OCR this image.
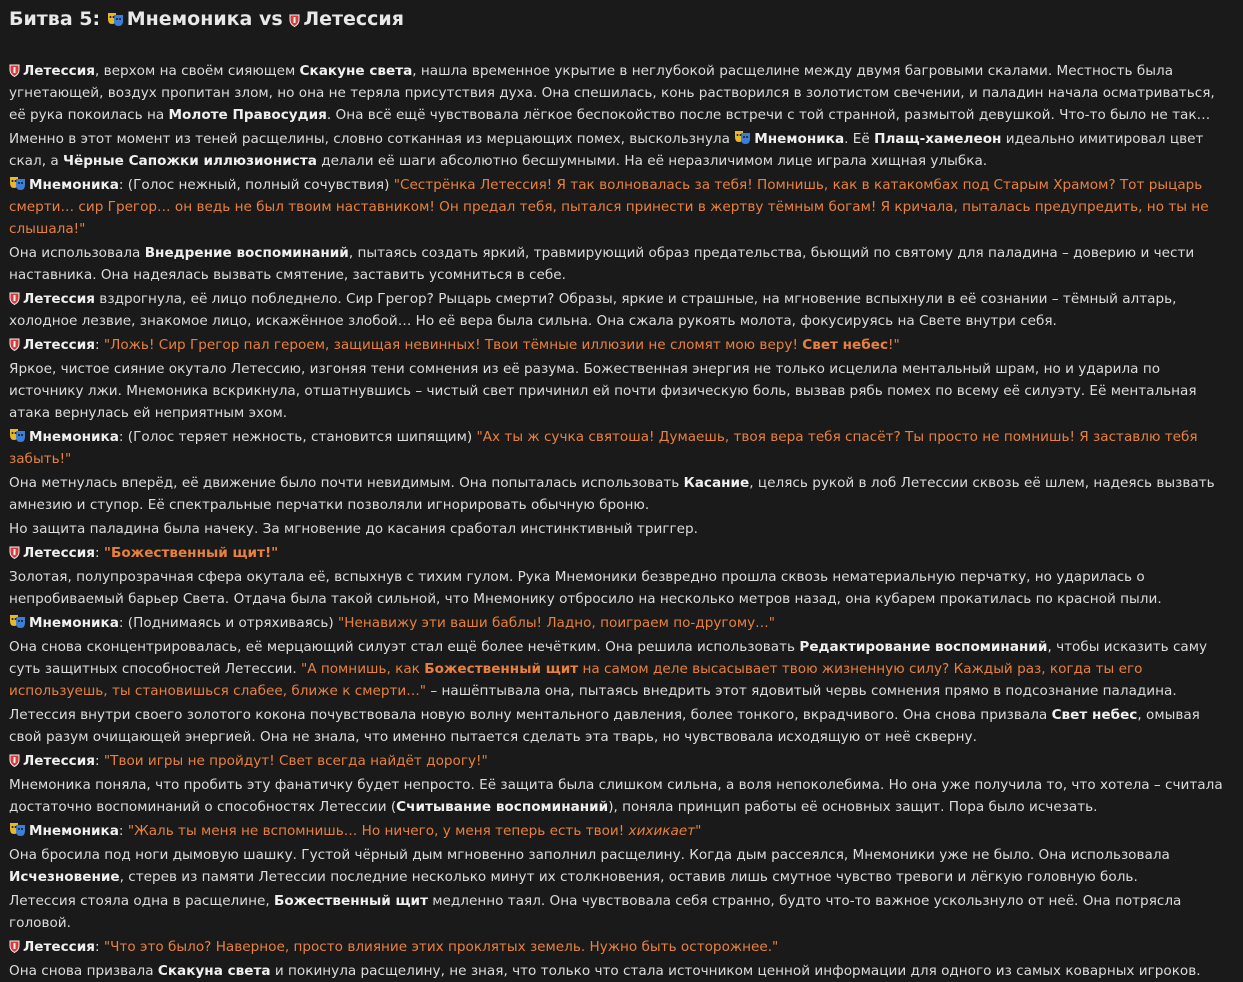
Битва 5: Мнемоника vs Летессия

Летессия, верхом на своём сияющем Скакуне света, нашла временное укрытие в неглубокой расщелине между двумя багровыми скалами. Местность была угнетающей, воздух пропитан злом, но она не теряла присутствия духа. Она спешилась, конь растворился в золотистом свечении, и паладин начала осматриваться, её рука покоилась на Молоте Правосудия. Она всё ещё чувствовала лёгкое беспокойство после встречи с той странной, размытой девушкой. Что-то было не так…

Именно в этот момент из теней расщелины, словно сотканная из мерцающих помех, выскользнула Мнемоника. Её Плащ-хамелеон идеально имитировал цвет скал, а Чёрные Сапожки иллюзиониста делали её шаги абсолютно бесшумными. На её неразличимом лице играла хищная улыбка.

Мнемоника: (Голос нежный, полный сочувствия) "Сестрёнка Летессия! Я так волновалась за тебя! Помнишь, как в катакомбах под Старым Храмом? Тот рыцарь смерти… сир Грегор… он ведь не был твоим наставником! Он предал тебя, пытался принести в жертву тёмным богам! Я кричала, пыталась предупредить, но ты не слышала!"

Она использовала Внедрение воспоминаний, пытаясь создать яркий, травмирующий образ предательства, бьющий по святому для паладина – доверию и чести наставника. Она надеялась вызвать смятение, заставить усомниться в себе.

Летессия вздрогнула, её лицо побледнело. Сир Грегор? Рыцарь смерти? Образы, яркие и страшные, на мгновение вспыхнули в её сознании – тёмный алтарь, холодное лезвие, знакомое лицо, искажённое злобой… Но её вера была сильна. Она сжала рукоять молота, фокусируясь на Свете внутри себя.

Летессия: "Ложь! Сир Грегор пал героем, защищая невинных! Твои тёмные иллюзии не сломят мою веру! Свет небес!"

Яркое, чистое сияние окутало Летессию, изгоняя тени сомнения из её разума. Божественная энергия не только исцелила ментальный шрам, но и ударила по источнику лжи. Мнемоника вскрикнула, отшатнувшись – чистый свет причинил ей почти физическую боль, вызвав рябь помех по всему её силуэту. Её ментальная атака вернулась ей неприятным эхом.

Мнемоника: (Голос теряет нежность, становится шипящим) "Ах ты ж сучка святоша! Думаешь, твоя вера тебя спасёт? Ты просто не помнишь! Я заставлю тебя забыть!"

Она метнулась вперёд, её движение было почти невидимым. Она попыталась использовать Касание, целясь рукой в лоб Летессии сквозь её шлем, надеясь вызвать амнезию и ступор. Её спектральные перчатки позволяли игнорировать обычную броню.

Но защита паладина была начеку. За мгновение до касания сработал инстинктивный триггер.

Летессия: "Божественный щит!"

Золотая, полупрозрачная сфера окутала её, вспыхнув с тихим гулом. Рука Мнемоники безвредно прошла сквозь нематериальную перчатку, но ударилась о непробиваемый барьер Света. Отдача была такой сильной, что Мнемонику отбросило на несколько метров назад, она кубарем прокатилась по красной пыли.

Мнемоника: (Поднимаясь и отряхиваясь) "Ненавижу эти ваши баблы! Ладно, поиграем по-другому…"

Она снова сконцентрировалась, её мерцающий силуэт стал ещё более нечётким. Она решила использовать Редактирование воспоминаний, чтобы исказить саму суть защитных способностей Летессии. "А помнишь, как Божественный щит на самом деле высасывает твою жизненную силу? Каждый раз, когда ты его используешь, ты становишься слабее, ближе к смерти…" – нашёптывала она, пытаясь внедрить этот ядовитый червь сомнения прямо в подсознание паладина.

Летессия внутри своего золотого кокона почувствовала новую волну ментального давления, более тонкого, вкрадчивого. Она снова призвала Свет небес, омывая свой разум очищающей энергией. Она не знала, что именно пытается сделать эта тварь, но чувствовала исходящую от неё скверну.

Летессия: "Твои игры не пройдут! Свет всегда найдёт дорогу!"

Мнемоника поняла, что пробить эту фанатичку будет непросто. Её защита была слишком сильна, а воля непоколебима. Но она уже получила то, что хотела – считала достаточно воспоминаний о способностях Летессии (Считывание воспоминаний), поняла принцип работы её основных защит. Пора было исчезать.

Мнемоника: "Жаль ты меня не вспомнишь… Но ничего, у меня теперь есть твои! хихикает"

Она бросила под ноги дымовую шашку. Густой чёрный дым мгновенно заполнил расщелину. Когда дым рассеялся, Мнемоники уже не было. Она использовала Исчезновение, стерев из памяти Летессии последние несколько минут их столкновения, оставив лишь смутное чувство тревоги и лёгкую головную боль.

Летессия стояла одна в расщелине, Божественный щит медленно таял. Она чувствовала себя странно, будто что-то важное ускользнуло от неё. Она потрясла головой.

Летессия: "Что это было? Наверное, просто влияние этих проклятых земель. Нужно быть осторожнее."

Она снова призвала Скакуна света и покинула расщелину, не зная, что только что стала источником ценной информации для одного из самых коварных игроков.
